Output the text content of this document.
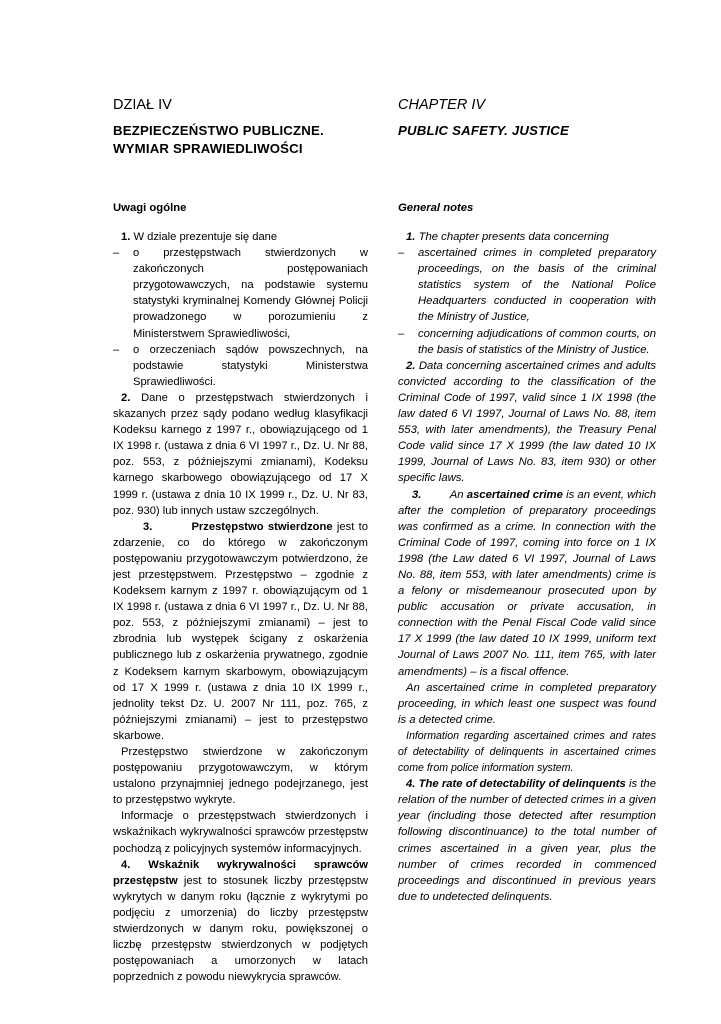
DZIAŁ IV
BEZPIECZEŃSTWO PUBLICZNE.
WYMIAR SPRAWIEDLIWOŚCI
Uwagi ogólne

1. W dziale prezentuje się dane

– o przestępstwach stwierdzonych w zakończonych postępowaniach przygotowawczych, na podstawie systemu statystyki kryminalnej Komendy Głównej Policji prowadzonego w porozumieniu z Ministerstwem Sprawiedliwości,

– o orzeczeniach sądów powszechnych, na podstawie statystyki Ministerstwa Sprawiedliwości.

2. Dane o przestępstwach stwierdzonych i skazanych przez sądy podano według klasyfikacji Kodeksu karnego z 1997 r., obowiązującego od 1 IX 1998 r. (ustawa z dnia 6 VI 1997 r., Dz. U. Nr 88, poz. 553, z późniejszymi zmianami), Kodeksu karnego skarbowego obowiązującego od 17 X 1999 r. (ustawa z dnia 10 IX 1999 r., Dz. U. Nr 83, poz. 930) lub innych ustaw szczególnych.

3.	Przestępstwo stwierdzone jest to zdarzenie, co do którego w zakończonym postępowaniu przygotowawczym potwierdzono, że jest przestępstwem. Przestępstwo – zgodnie z Kodeksem karnym z 1997 r. obowiązującym od 1 IX 1998 r. (ustawa z dnia 6 VI 1997 r., Dz. U. Nr 88, poz. 553, z późniejszymi zmianami) – jest to zbrodnia lub występek ścigany z oskarżenia publicznego lub z oskarżenia prywatnego, zgodnie z Kodeksem karnym skarbowym, obowiązującym od 17 X 1999 r. (ustawa z dnia 10 IX 1999 r., jednolity tekst Dz. U. 2007 Nr 111, poz. 765, z późniejszymi zmianami) – jest to przestępstwo skarbowe.

Przestępstwo stwierdzone w zakończonym postępowaniu przygotowawczym, w którym ustalono przynajmniej jednego podejrzanego, jest to przestępstwo wykryte.

Informacje o przestępstwach stwierdzonych i wskaźnikach wykrywalności sprawców przestępstw pochodzą z policyjnych systemów informacyjnych.

4. Wskaźnik wykrywalności sprawców przestępstw jest to stosunek liczby przestępstw wykrytych w danym roku (łącznie z wykrytymi po podjęciu z umorzenia) do liczby przestępstw stwierdzonych w danym roku, powiększonej o liczbę przestępstw stwierdzonych w podjętych postępowaniach a umorzonych w latach poprzednich z powodu niewykrycia sprawców.

CHAPTER IV
PUBLIC SAFETY. JUSTICE
General notes

1. The chapter presents data concerning

– ascertained crimes in completed preparatory proceedings, on the basis of the criminal statistics system of the National Police Headquarters conducted in cooperation with the Ministry of Justice,

– concerning adjudications of common courts, on the basis of statistics of the Ministry of Justice.

2. Data concerning ascertained crimes and adults convicted according to the classification of the Criminal Code of 1997, valid since 1 IX 1998 (the law dated 6 VI 1997, Journal of Laws No. 88, item 553, with later amendments), the Treasury Penal Code valid since 17 X 1999 (the law dated 10 IX 1999, Journal of Laws No. 83, item 930) or other specific laws.

3.	An ascertained crime is an event, which after the completion of preparatory proceedings was confirmed as a crime. In connection with the Criminal Code of 1997, coming into force on 1 IX 1998 (the Law dated 6 VI 1997, Journal of Laws No. 88, item 553, with later amendments) crime is a felony or misdemeanour prosecuted upon by public accusation or private accusation, in connection with the Penal Fiscal Code valid since 17 X 1999 (the law dated 10 IX 1999, uniform text Journal of Laws 2007 No. 111, item 765, with later amendments) – is a fiscal offence.

An ascertained crime in completed preparatory proceeding, in which least one suspect was found is a detected crime.

Information regarding ascertained crimes and rates of detectability of delinquents in ascertained crimes come from police information system.

4. The rate of detectability of delinquents is the relation of the number of detected crimes in a given year (including those detected after resumption following discontinuance) to the total number of crimes ascertained in a given year, plus the number of crimes recorded in commenced proceedings and discontinued in previous years due to undetected delinquents.
